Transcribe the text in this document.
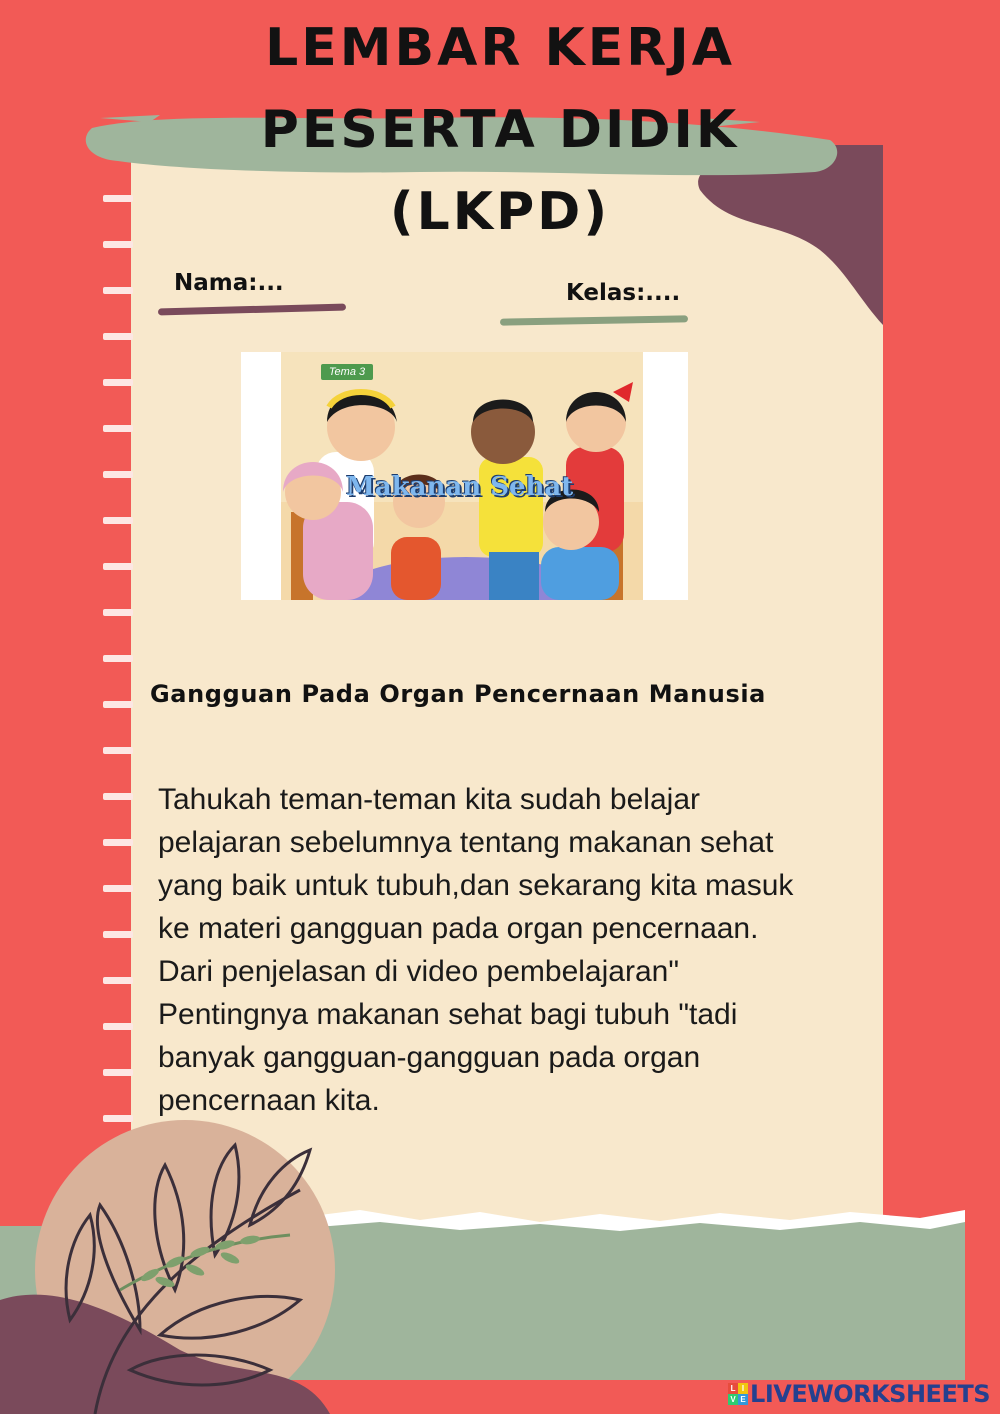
LEMBAR KERJA
PESERTA DIDIK
(LKPD)
Nama:...	Kelas:....
Tema 3
Makanan Sehat
Gangguan Pada Organ Pencernaan Manusia
Tahukah teman-teman kita sudah belajar
pelajaran sebelumnya tentang makanan sehat
yang baik untuk tubuh,dan sekarang kita masuk
ke materi gangguan pada organ pencernaan.
Dari penjelasan di video pembelajaran"
Pentingnya makanan sehat bagi tubuh "tadi
banyak gangguan-gangguan pada organ
pencernaan kita.
L I
V E LIVEWORKSHEETS
